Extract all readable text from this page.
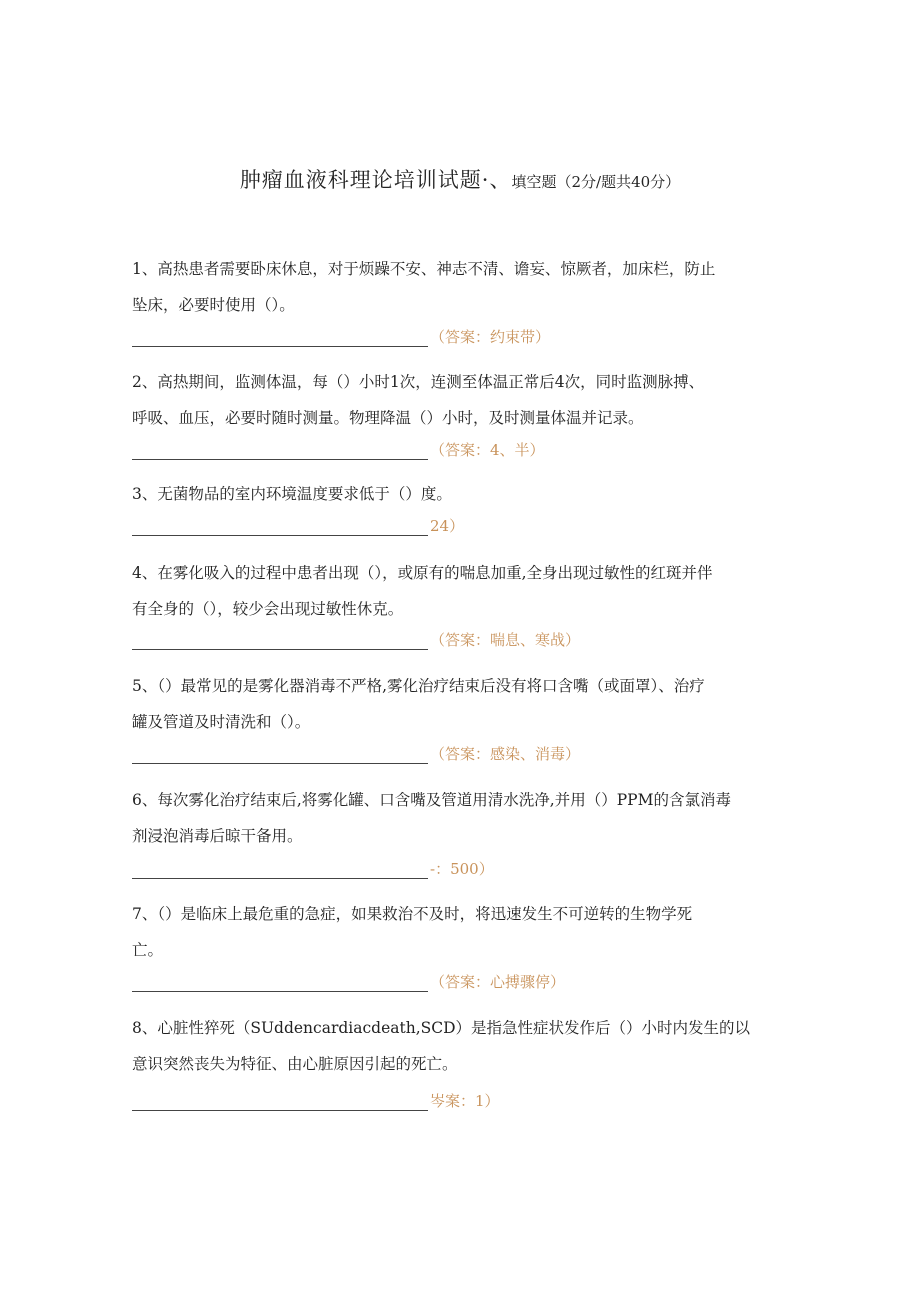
肿瘤血液科理论培训试题·、填空题（2分/题共40分）
1、高热患者需要卧床休息，对于烦躁不安、神志不清、谵妄、惊厥者，加床栏，防止
坠床，必要时使用（）。
（答案：约束带）
2、高热期间，监测体温，每（）小时1次，连测至体温正常后4次，同时监测脉搏、
呼吸、血压，必要时随时测量。物理降温（）小时，及时测量体温并记录。
（答案：4、半）
3、无菌物品的室内环境温度要求低于（）度。
24）
4、在雾化吸入的过程中患者出现（），或原有的喘息加重,全身出现过敏性的红斑并伴
有全身的（），较少会出现过敏性休克。
（答案：喘息、寒战）
5、（）最常见的是雾化器消毒不严格,雾化治疗结束后没有将口含嘴（或面罩）、治疗
罐及管道及时清洗和（）。
（答案：感染、消毒）
6、每次雾化治疗结束后,将雾化罐、口含嘴及管道用清水洗净,并用（）PPM的含氯消毒
剂浸泡消毒后晾干备用。
-：500）
7、（）是临床上最危重的急症，如果救治不及时，将迅速发生不可逆转的生物学死
亡。
（答案：心搏骤停）
8、心脏性猝死（SUddencardiacdeath,SCD）是指急性症状发作后（）小时内发生的以
意识突然丧失为特征、由心脏原因引起的死亡。
岑案：1）
